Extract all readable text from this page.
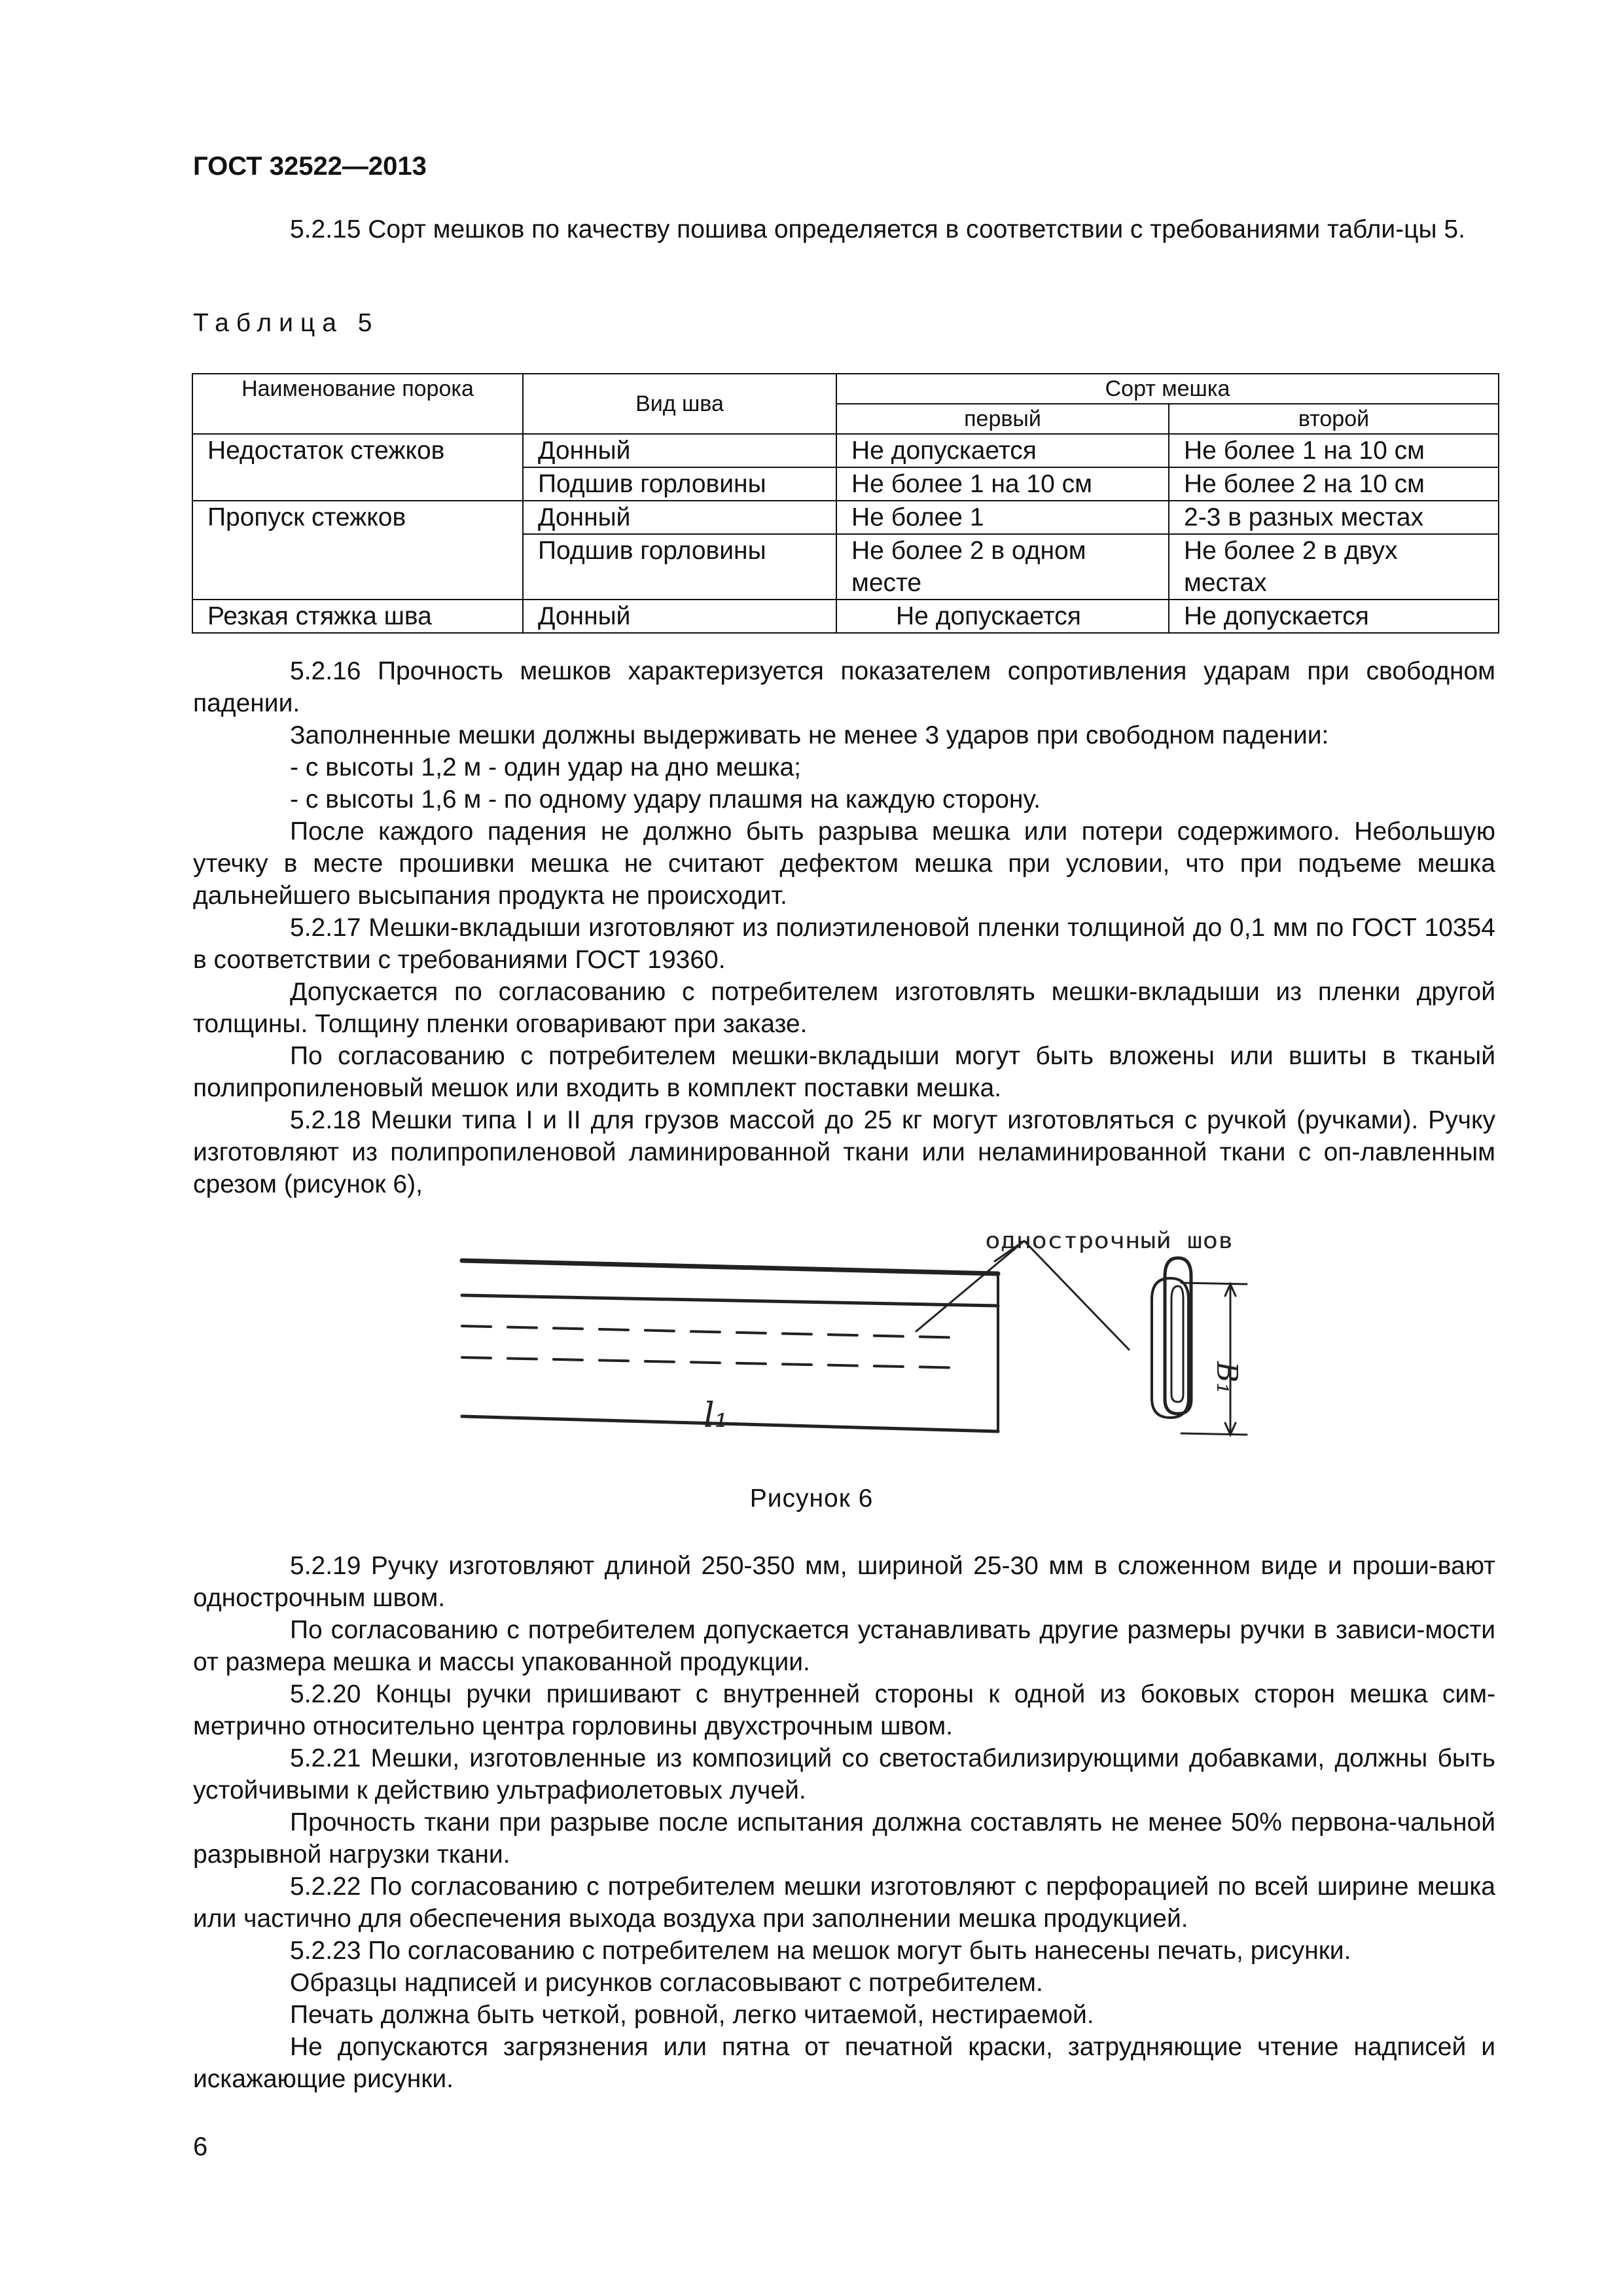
ГОСТ 32522—2013

5.2.15 Сорт мешков по качеству пошива определяется в соответствии с требованиями табли-цы 5.

Таблица 5
Наименование порока	Вид шва	Сорт мешка	
		первый	второй
Недостаток стежков	Донный	Не допускается	Не более 1 на 10 см
	Подшив горловины	Не более 1 на 10 см	Не более 2 на 10 см
Пропуск стежков	Донный	Не более 1	2-3 в разных местах
	Подшив горловины	Не более 2 в одном месте	Не более 2 в двух местах
Резкая стяжка шва	Донный	Не допускается	Не допускается

5.2.16 Прочность мешков характеризуется показателем сопротивления ударам при свободном падении.

Заполненные мешки должны выдерживать не менее 3 ударов при свободном падении:

- с высоты 1,2 м - один удар на дно мешка;

- с высоты 1,6 м - по одному удару плашмя на каждую сторону.

После каждого падения не должно быть разрыва мешка или потери содержимого. Небольшую утечку в месте прошивки мешка не считают дефектом мешка при условии, что при подъеме мешка дальнейшего высыпания продукта не происходит.

5.2.17 Мешки-вкладыши изготовляют из полиэтиленовой пленки толщиной до 0,1 мм по ГОСТ 10354 в соответствии с требованиями ГОСТ 19360.

Допускается по согласованию с потребителем изготовлять мешки-вкладыши из пленки другой толщины. Толщину пленки оговаривают при заказе.

По согласованию с потребителем мешки-вкладыши могут быть вложены или вшиты в тканый полипропиленовый мешок или входить в комплект поставки мешка.

5.2.18 Мешки типа I и II для грузов массой до 25 кг могут изготовляться с ручкой (ручками). Ручку изготовляют из полипропиленовой ламинированной ткани или неламинированной ткани с оп-лавленным срезом (рисунок 6),

однострочный шов
l₁
B₁
Рисунок 6

5.2.19 Ручку изготовляют длиной 250-350 мм, шириной 25-30 мм в сложенном виде и проши-вают однострочным швом.

По согласованию с потребителем допускается устанавливать другие размеры ручки в зависи-мости от размера мешка и массы упакованной продукции.

5.2.20 Концы ручки пришивают с внутренней стороны к одной из боковых сторон мешка сим-метрично относительно центра горловины двухстрочным швом.

5.2.21 Мешки, изготовленные из композиций со светостабилизирующими добавками, должны быть устойчивыми к действию ультрафиолетовых лучей.

Прочность ткани при разрыве после испытания должна составлять не менее 50% первона-чальной разрывной нагрузки ткани.

5.2.22 По согласованию с потребителем мешки изготовляют с перфорацией по всей ширине мешка или частично для обеспечения выхода воздуха при заполнении мешка продукцией.

5.2.23 По согласованию с потребителем на мешок могут быть нанесены печать, рисунки.

Образцы надписей и рисунков согласовывают с потребителем.

Печать должна быть четкой, ровной, легко читаемой, нестираемой.

Не допускаются загрязнения или пятна от печатной краски, затрудняющие чтение надписей и искажающие рисунки.

6
